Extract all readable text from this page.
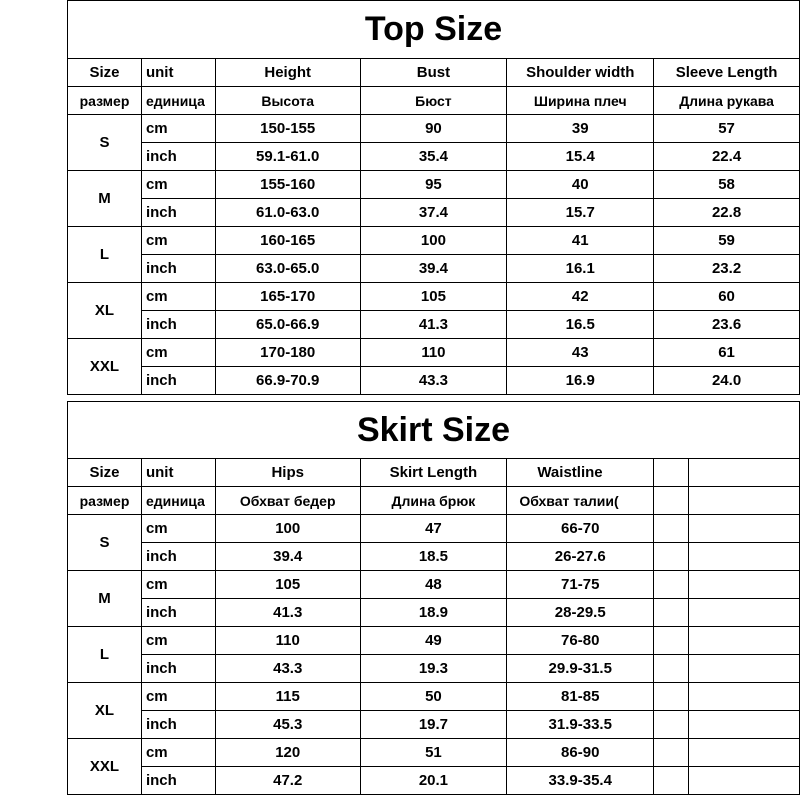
Top Size					
Size	unit	Height	Bust	Shoulder width	Sleeve Length
размер	единица	Высота	Бюст	Ширина плеч	Длина рукава
S	cm	150-155	90	39	57
	inch	59.1-61.0	35.4	15.4	22.4
M	cm	155-160	95	40	58
	inch	61.0-63.0	37.4	15.7	22.8
L	cm	160-165	100	41	59
	inch	63.0-65.0	39.4	16.1	23.2
XL	cm	165-170	105	42	60
	inch	65.0-66.9	41.3	16.5	23.6
XXL	cm	170-180	110	43	61
	inch	66.9-70.9	43.3	16.9	24.0
Skirt Size						
Size	unit	Hips	Skirt Length	Waistline		
размер	единица	Обхват бедер	Длина брюк	Обхват талии(		
S	cm	100	47	66-70		
	inch	39.4	18.5	26-27.6		
M	cm	105	48	71-75		
	inch	41.3	18.9	28-29.5		
L	cm	110	49	76-80		
	inch	43.3	19.3	29.9-31.5		
XL	cm	115	50	81-85		
	inch	45.3	19.7	31.9-33.5		
XXL	cm	120	51	86-90		
	inch	47.2	20.1	33.9-35.4		
